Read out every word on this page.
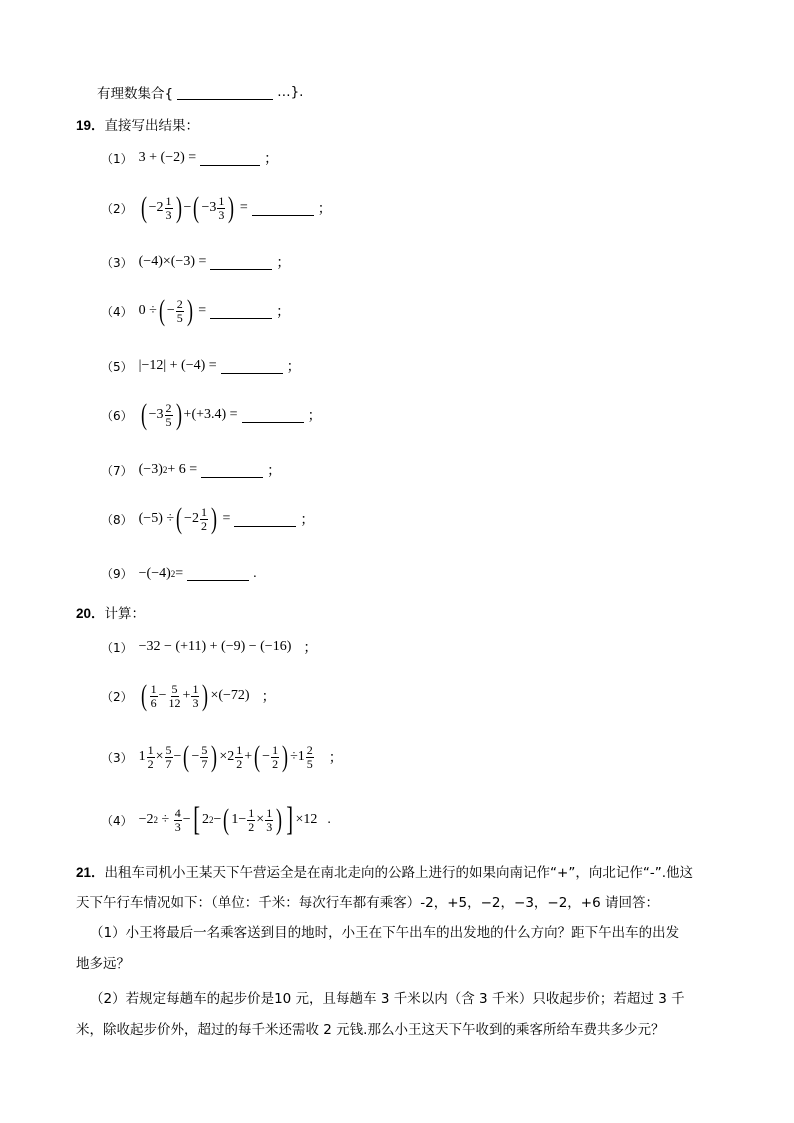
有理数集合{	…}.
19． 直接写出结果：
（1） 3 + (−2) =	；
（2） ( $-2 \frac{1}{3}$ ) − ( $-3 \frac{1}{3}$ ) =	；
（3） (−4)×(−3) =	；
（4） 0 ÷ ( − $\frac{2}{5}$ ) =	；
（5） |−12| + (−4) =	；
（6） ( $-3 \frac{2}{5}$ ) +(+3.4) =	；
（7） (−3) 2 + 6 =	；
（8） (−5) ÷ ( $-2 \frac{1}{2}$ ) =	；
（9） −(−4) 2 =	.
20． 计算：
（1） −32 − (+11) + (−9) − (−16) ；
（2） ( $\frac{1}{6} - \frac{5}{12} + \frac{1}{3}$ ) ×(−72) ；
（3） $1 \frac{1}{2} \times \frac{5}{7}$ − ( − $\frac{5}{7}$ ) $\times 2 \frac{1}{2}$ + ( − $\frac{1}{2}$ ) $\div 1 \frac{2}{5}$ ；
（4） −2 $2 \div \frac{4}{3}$ − [ 2 2 − ( $1- \frac{1}{2} \times \frac{1}{3}$ ) ] ×12 .
21．出租车司机小王某天下午营运全是在南北走向的公路上进行的如果向南记作“+”，向北记作“-”.他这
天下午行车情况如下：（单位：千米：每次行车都有乘客）-2，+5，−2，−3，−2，+6 请回答：
（1）小王将最后一名乘客送到目的地时，小王在下午出车的出发地的什么方向？距下午出车的出发
地多远？
（2）若规定每趟车的起步价是10 元，且每趟车 3 千米以内（含 3 千米）只收起步价；若超过 3 千
米，除收起步价外，超过的每千米还需收 2 元钱.那么小王这天下午收到的乘客所给车费共多少元？
